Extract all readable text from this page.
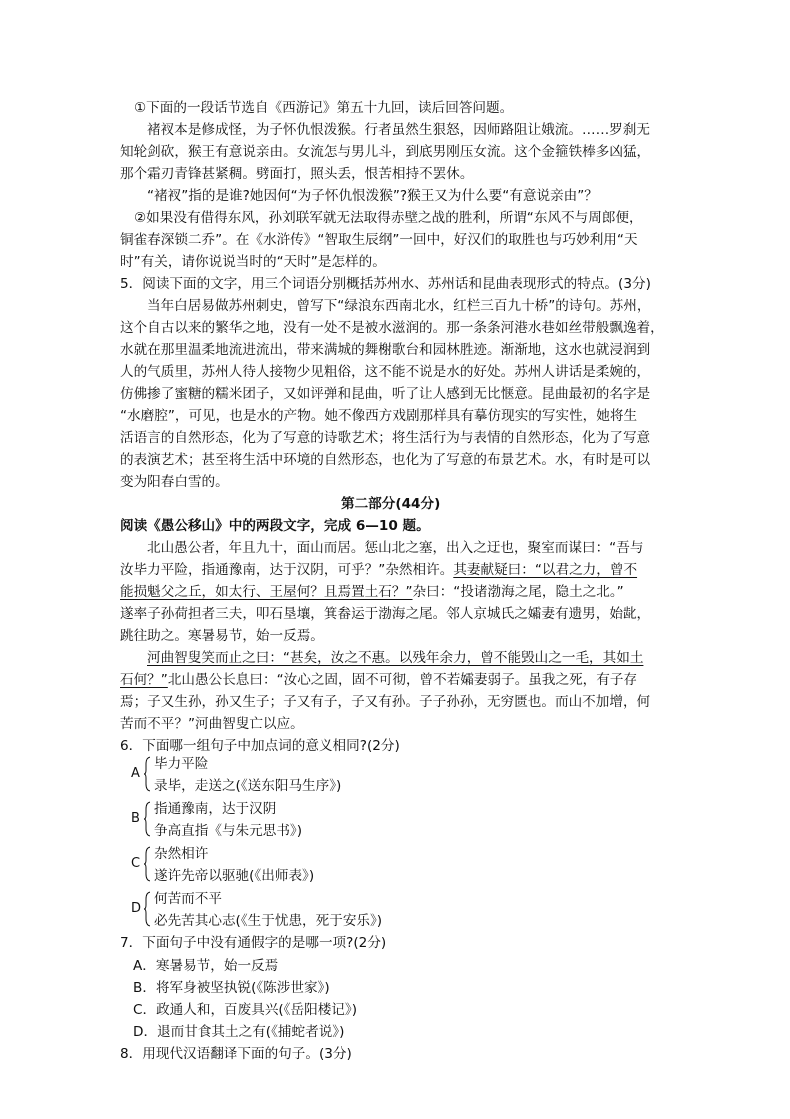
①下面的一段话节选自《西游记》第五十九回，读后回答问题。
褚衩本是修成怪，为子怀仇恨泼猴。行者虽然生狠怒，因师路阻让娥流。……罗刹无
知轮剑砍，猴王有意说亲由。女流怎与男儿斗，到底男刚压女流。这个金箍铁棒多凶猛，
那个霜刃青锋甚紧稠。劈面打，照头丢，恨苦相持不罢休。
“褚衩”指的是谁?她因何“为子怀仇恨泼猴”?猴王又为什么要“有意说亲由”？
②如果没有借得东风，孙刘联军就无法取得赤壁之战的胜利，所谓“东风不与周郎便，
铜雀春深锁二乔”。在《水浒传》“智取生辰纲”一回中，好汉们的取胜也与巧妙利用“天
时”有关，请你说说当时的“天时”是怎样的。
5．阅读下面的文字，用三个词语分别概括苏州水、苏州话和昆曲表现形式的特点。(3分)
当年白居易做苏州刺史，曾写下“绿浪东西南北水，红栏三百九十桥”的诗句。苏州，
这个自古以来的繁华之地，没有一处不是被水滋润的。那一条条河港水巷如丝带般飘逸着，
水就在那里温柔地流进流出，带来满城的舞榭歌台和园林胜迹。渐渐地，这水也就浸润到
人的气质里，苏州人待人接物少见粗俗，这不能不说是水的好处。苏州人讲话是柔婉的，
仿佛掺了蜜糖的糯米团子，又如评弹和昆曲，听了让人感到无比惬意。昆曲最初的名字是
“水磨腔”，可见，也是水的产物。她不像西方戏剧那样具有摹仿现实的写实性，她将生
活语言的自然形态，化为了写意的诗歌艺术；将生活行为与表情的自然形态，化为了写意
的表演艺术；甚至将生活中环境的自然形态，也化为了写意的布景艺术。水，有时是可以
变为阳春白雪的。
第二部分(44分)
阅读《愚公移山》中的两段文字，完成 6—10 题。
北山愚公者，年且九十，面山而居。惩山北之塞，出入之迂也，聚室而谋曰：“吾与
汝毕力平险，指通豫南，达于汉阴，可乎？”杂然相许。其妻献疑曰：“以君之力，曾不
能损魁父之丘，如太行、王屋何？且焉置土石？”杂曰：“投诸渤海之尾，隐土之北。”
遂率子孙荷担者三夫，叩石垦壤，箕畚运于渤海之尾。邻人京城氏之孀妻有遗男，始龀，
跳往助之。寒暑易节，始一反焉。
河曲智叟笑而止之曰：“甚矣，汝之不惠。以残年余力，曾不能毁山之一毛，其如土
石何？”北山愚公长息曰：“汝心之固，固不可彻，曾不若孀妻弱子。虽我之死，有子存
焉；子又生孙，孙又生子；子又有子，子又有孙。子子孙孙，无穷匮也。而山不加增，何
苦而不平？”河曲智叟亡以应。
6．下面哪一组句子中加点词的意义相同?(2分)
A
毕力平险
录毕，走送之(《送东阳马生序》)
B
指通豫南，达于汉阴
争高直指《与朱元思书》)
C
杂然相许
遂许先帝以驱驰(《出师表》)
D
何苦而不平
必先苦其心志(《生于忧患，死于安乐》)
7．下面句子中没有通假字的是哪一项?(2分)
A．寒暑易节，始一反焉
B．将军身被坚执锐(《陈涉世家》)
C．政通人和，百废具兴(《岳阳楼记》)
D．退而甘食其土之有(《捕蛇者说》)
8．用现代汉语翻译下面的句子。(3分)
